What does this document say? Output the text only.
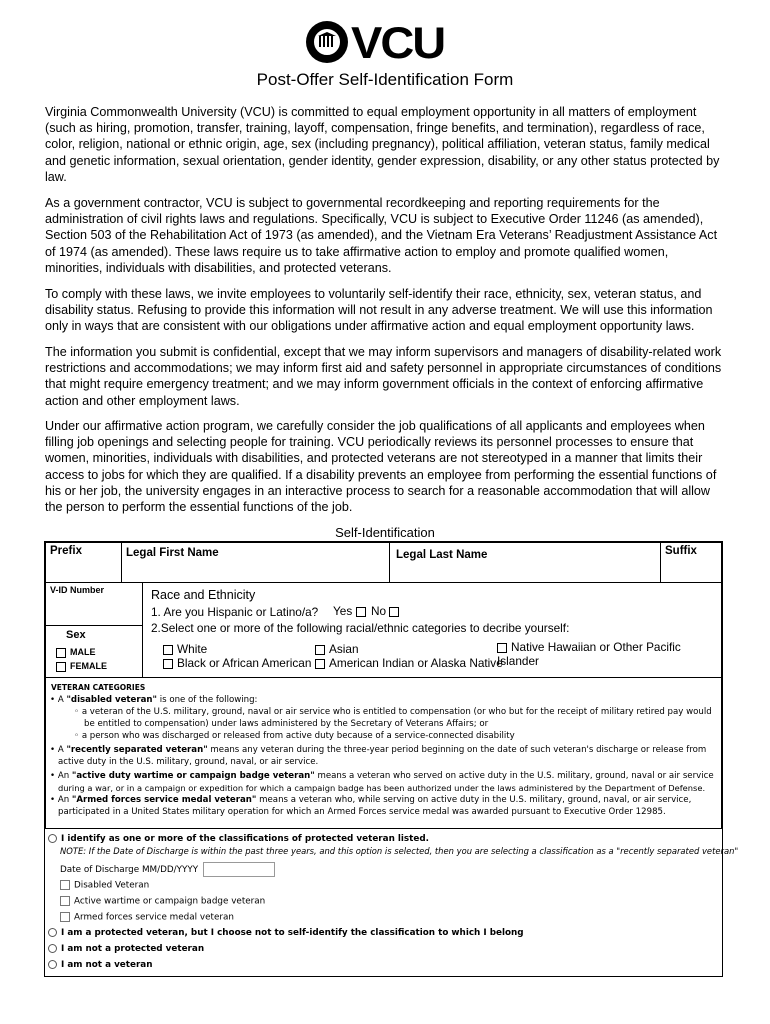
VCU
Post-Offer Self-Identification Form

Virginia Commonwealth University (VCU) is committed to equal employment opportunity in all matters of employment (such as hiring, promotion, transfer, training, layoff, compensation, fringe benefits, and termination), regardless of race, color, religion, national or ethnic origin, age, sex (including pregnancy), political affiliation, veteran status, family medical and genetic information, sexual orientation, gender identity, gender expression, disability, or any other status protected by law.

As a government contractor, VCU is subject to governmental recordkeeping and reporting requirements for the administration of civil rights laws and regulations. Specifically, VCU is subject to Executive Order 11246 (as amended), Section 503 of the Rehabilitation Act of 1973 (as amended), and the Vietnam Era Veterans’ Readjustment Assistance Act of 1974 (as amended). These laws require us to take affirmative action to employ and promote qualified women, minorities, individuals with disabilities, and protected veterans.

To comply with these laws, we invite employees to voluntarily self-identify their race, ethnicity, sex, veteran status, and disability status. Refusing to provide this information will not result in any adverse treatment. We will use this information only in ways that are consistent with our obligations under affirmative action and equal employment opportunity laws.

The information you submit is confidential, except that we may inform supervisors and managers of disability-related work restrictions and accommodations; we may inform first aid and safety personnel in appropriate circumstances of conditions that might require emergency treatment; and we may inform government officials in the context of enforcing affirmative action and other employment laws.

Under our affirmative action program, we carefully consider the job qualifications of all applicants and employees when filling job openings and selecting people for training. VCU periodically reviews its personnel processes to ensure that women, minorities, individuals with disabilities, and protected veterans are not stereotyped in a manner that limits their access to jobs for which they are qualified. If a disability prevents an employee from performing the essential functions of his or her job, the university engages in an interactive process to search for a reasonable accommodation that will allow the person to perform the essential functions of the job.

Self-Identification
Prefix	Legal First Name	Legal Last Name	Suffix
V-ID Number
Sex
MALE
FEMALE
Race and Ethnicity
1. Are you Hispanic or Latino/a? Yes	No
2.Select one or more of the following racial/ethnic categories to decribe yourself:
White
Black or African American
Asian
American Indian or Alaska Native
Native Hawaiian or Other Pacific Islander
VETERAN CATEGORIES
• A "disabled veteran" is one of the following:
◦ a veteran of the U.S. military, ground, naval or air service who is entitled to compensation (or who but for the receipt of military retired pay would
be entitled to compensation) under laws administered by the Secretary of Veterans Affairs; or
◦ a person who was discharged or released from active duty because of a service-connected disability
• A "recently separated veteran" means any veteran during the three-year period beginning on the date of such veteran's discharge or release from
active duty in the U.S. military, ground, naval, or air service.
• An "active duty wartime or campaign badge veteran" means a veteran who served on active duty in the U.S. military, ground, naval or air service
during a war, or in a campaign or expedition for which a campaign badge has been authorized under the laws administered by the Department of Defense.
• An "Armed forces service medal veteran" means a veteran who, while serving on active duty in the U.S. military, ground, naval, or air service,
participated in a United States military operation for which an Armed Forces service medal was awarded pursuant to Executive Order 12985.
I identify as one or more of the classifications of protected veteran listed.
NOTE: If the Date of Discharge is within the past three years, and this option is selected, then you are selecting a classification as a "recently separated veteran"
Date of Discharge MM/DD/YYYY
Disabled Veteran
Active wartime or campaign badge veteran
Armed forces service medal veteran
I am a protected veteran, but I choose not to self-identify the classification to which I belong
I am not a protected veteran
I am not a veteran
